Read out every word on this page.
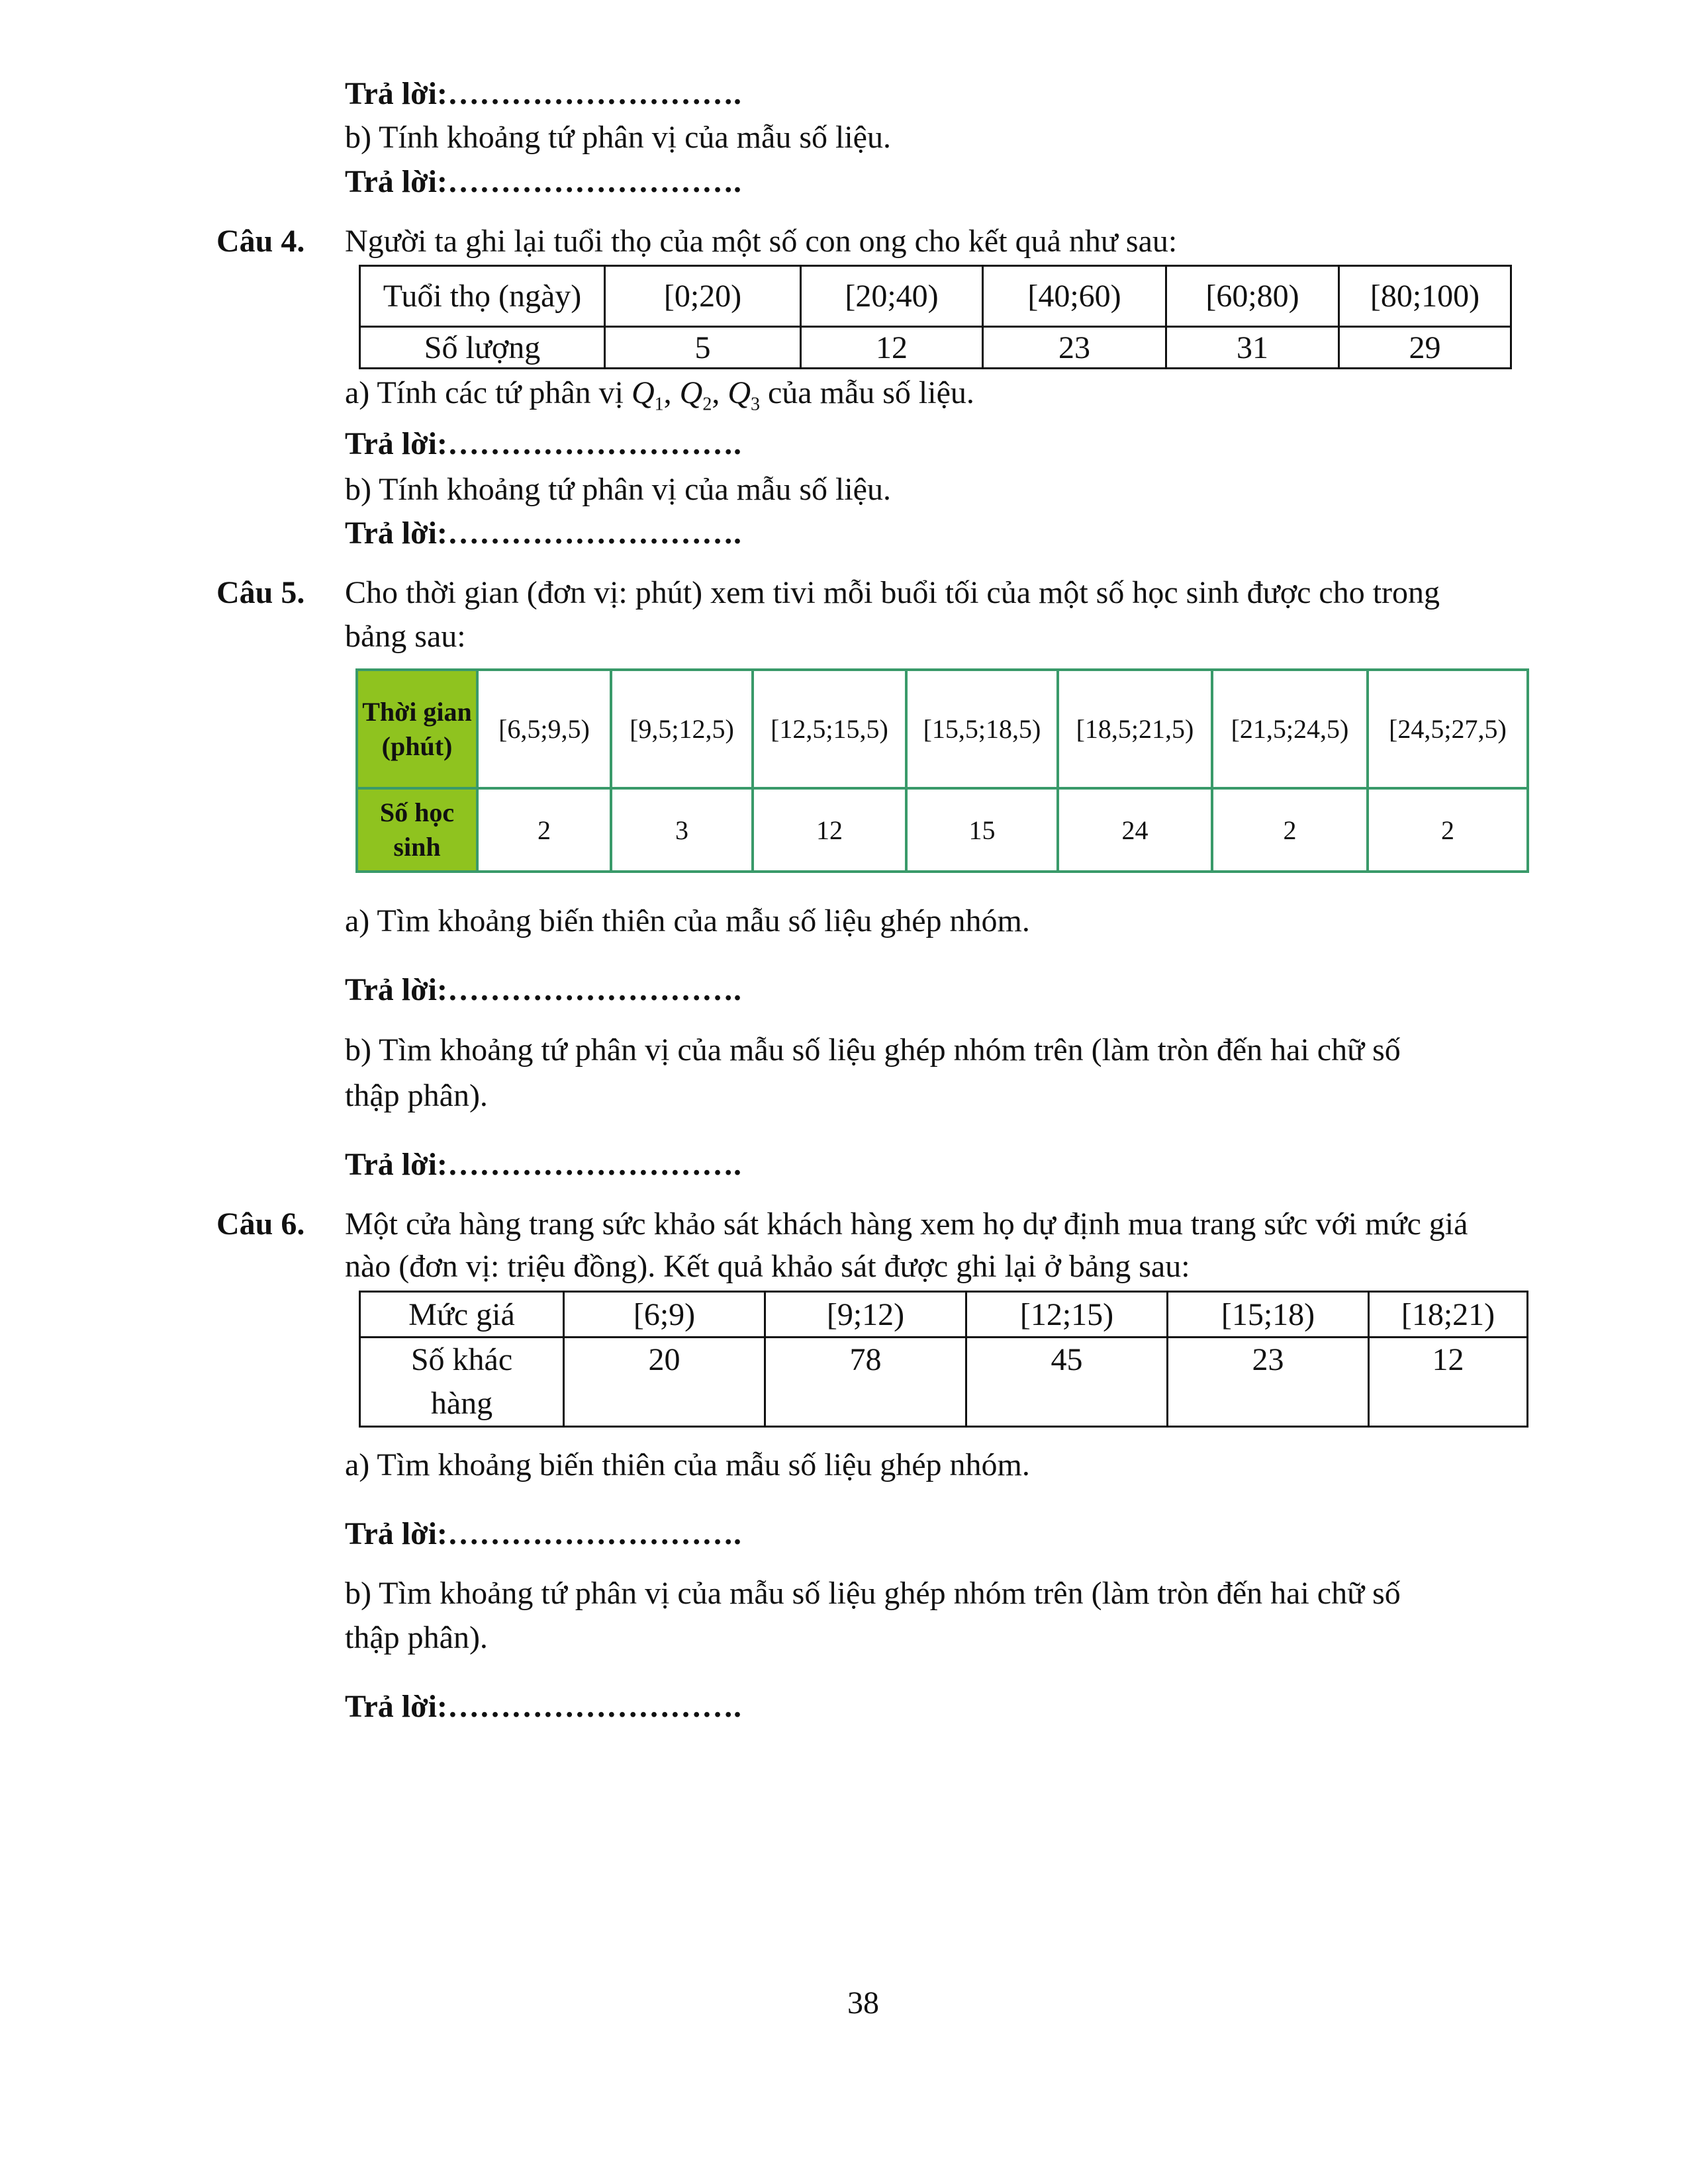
Trả lời:……………………….
b) Tính khoảng tứ phân vị của mẫu số liệu.
Trả lời:……………………….
Câu 4. Người ta ghi lại tuổi thọ của một số con ong cho kết quả như sau:
Tuổi thọ (ngày)	[0;20)	[20;40)	[40;60)	[60;80)	[80;100)
Số lượng	5	12	23	31	29
a) Tính các tứ phân vị $Q_1$, $Q_2$, $Q_3$ của mẫu số liệu.
Trả lời:……………………….
b) Tính khoảng tứ phân vị của mẫu số liệu.
Trả lời:……………………….
Câu 5. Cho thời gian (đơn vị: phút) xem tivi mỗi buổi tối của một số học sinh được cho trong
bảng sau:
Thời gian (phút)	[6,5;9,5)	[9,5;12,5)	[12,5;15,5)	[15,5;18,5)	[18,5;21,5)	[21,5;24,5)	[24,5;27,5)
Số học sinh	2	3	12	15	24	2	2
a) Tìm khoảng biến thiên của mẫu số liệu ghép nhóm.
Trả lời:……………………….
b) Tìm khoảng tứ phân vị của mẫu số liệu ghép nhóm trên (làm tròn đến hai chữ số
thập phân).
Trả lời:……………………….
Câu 6. Một cửa hàng trang sức khảo sát khách hàng xem họ dự định mua trang sức với mức giá
nào (đơn vị: triệu đồng). Kết quả khảo sát được ghi lại ở bảng sau:
Mức giá	[6;9)	[9;12)	[12;15)	[15;18)	[18;21)
Số khác hàng	20	78	45	23	12
a) Tìm khoảng biến thiên của mẫu số liệu ghép nhóm.
Trả lời:……………………….
b) Tìm khoảng tứ phân vị của mẫu số liệu ghép nhóm trên (làm tròn đến hai chữ số
thập phân).
Trả lời:……………………….
38
